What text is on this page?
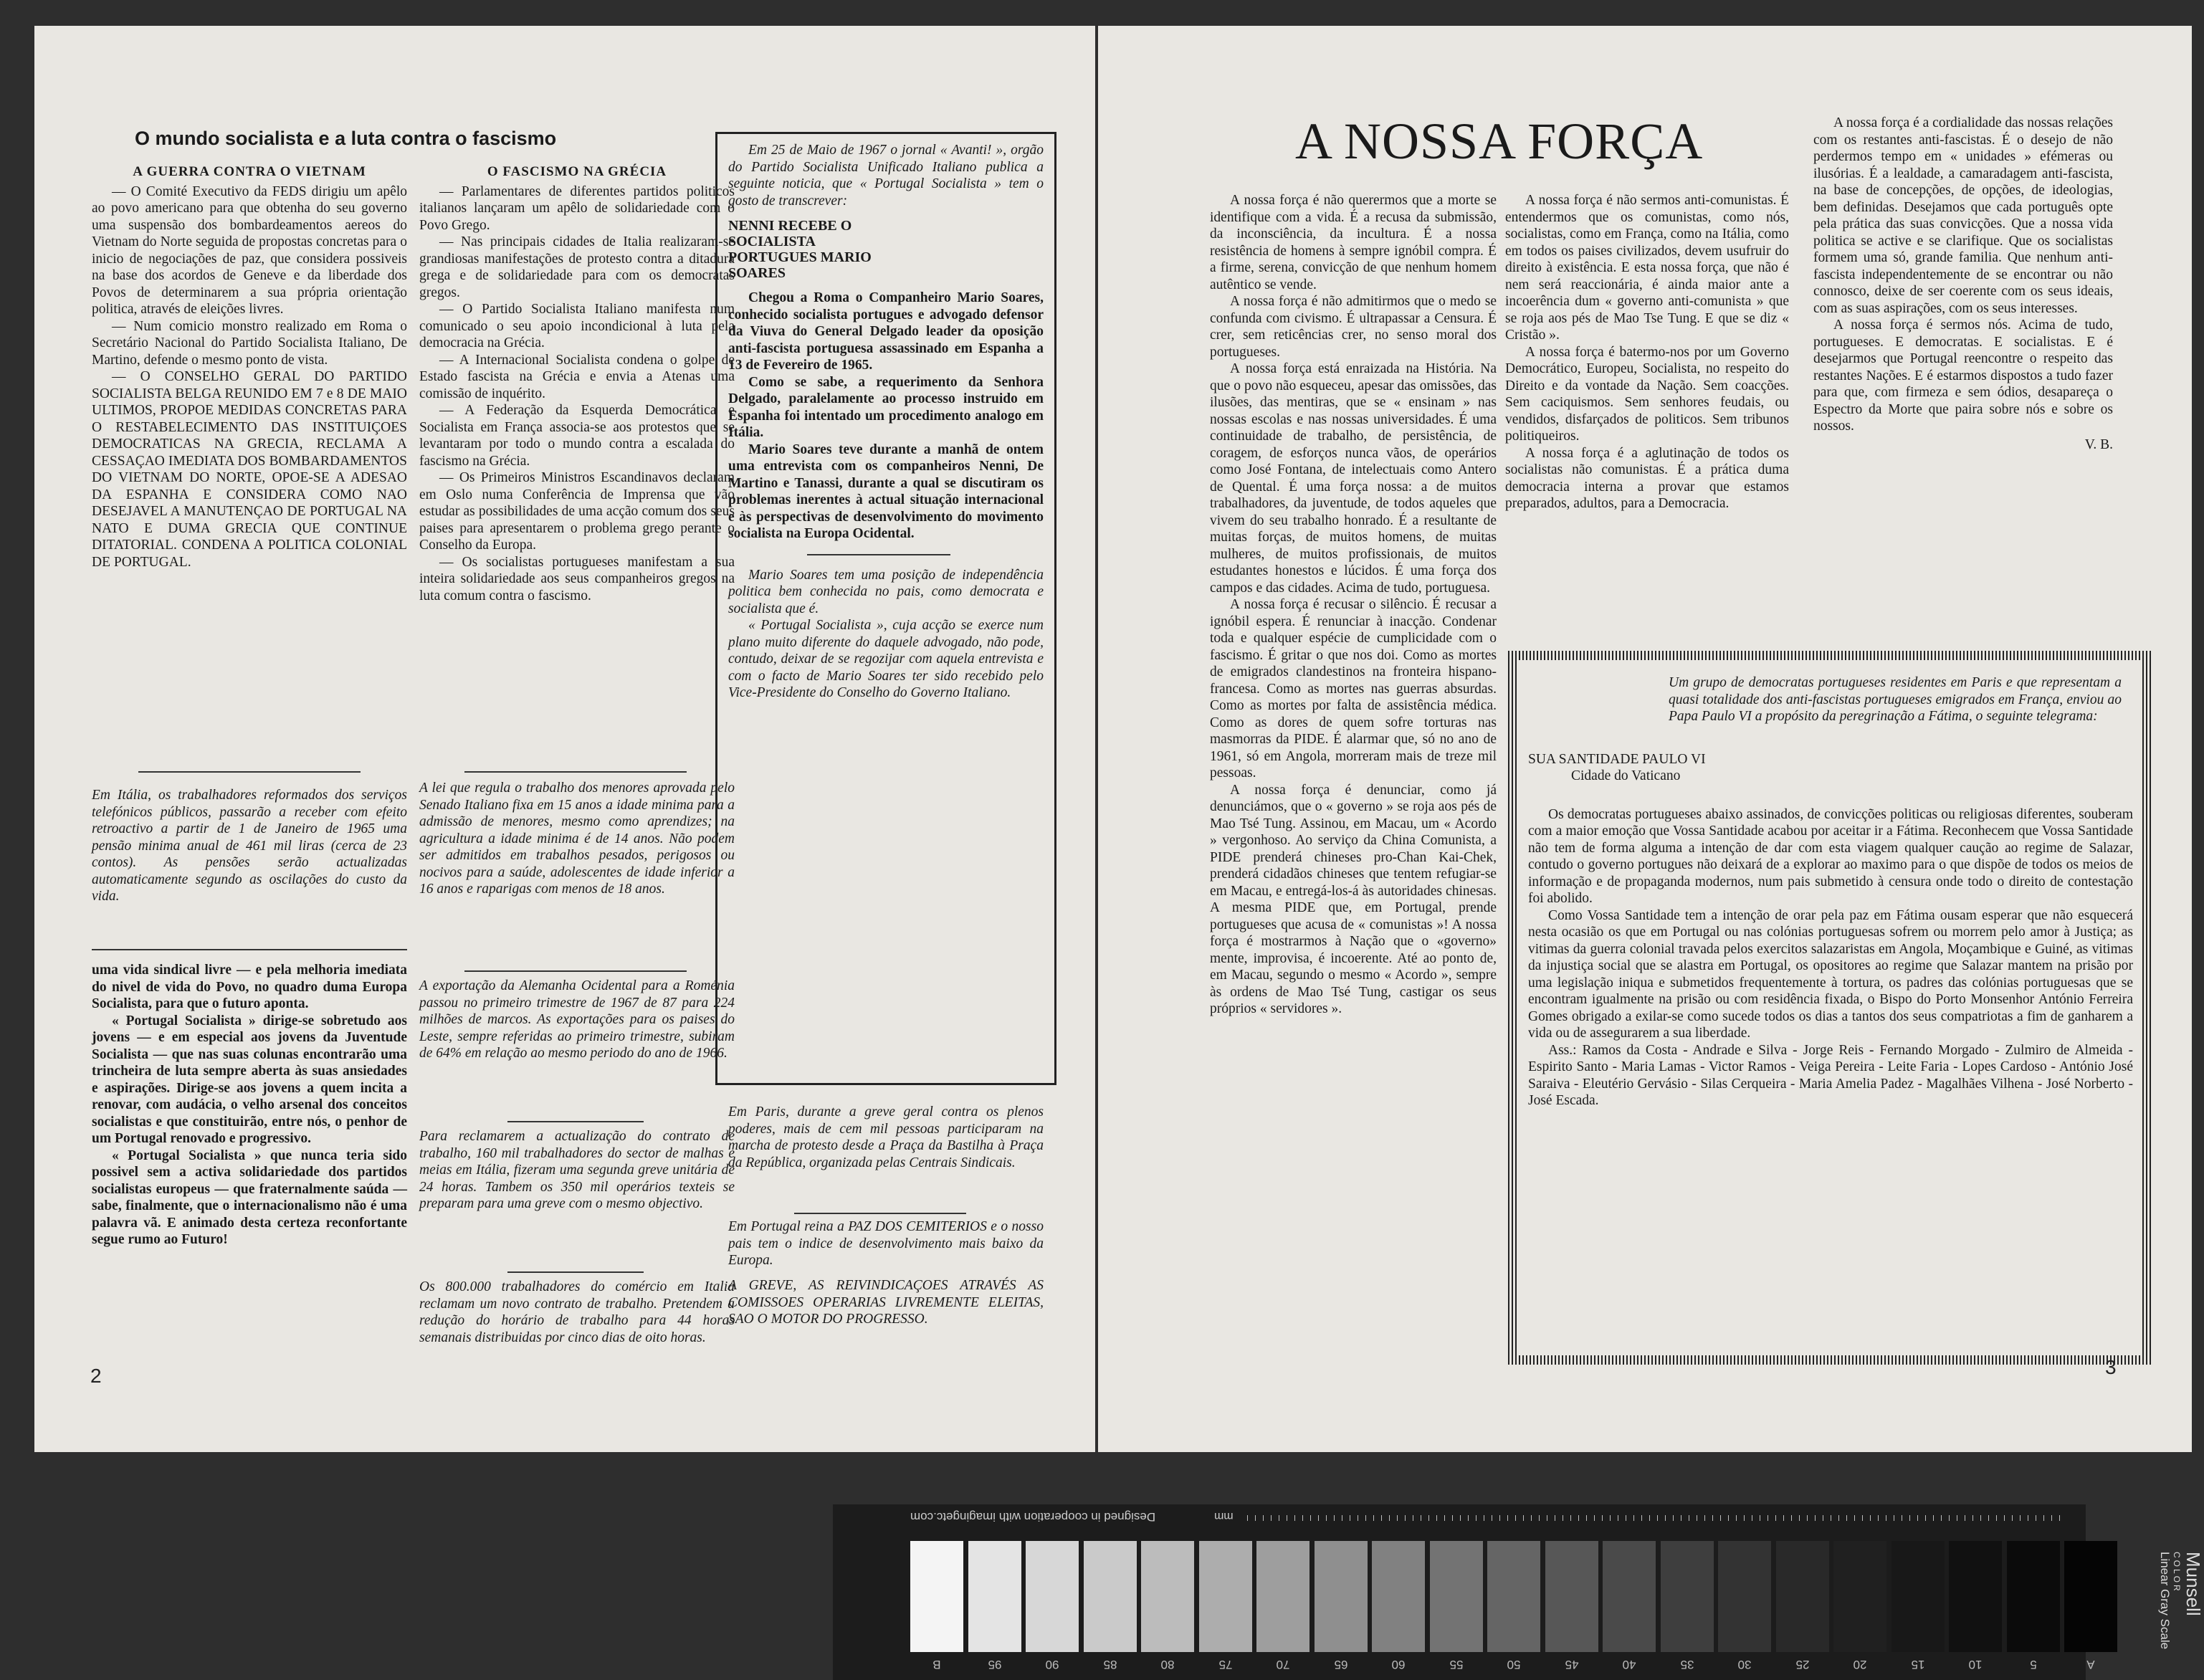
O mundo socialista e a luta contra o fascismo
A GUERRA CONTRA O VIETNAM

— O Comité Executivo da FEDS dirigiu um apêlo ao povo americano para que obtenha do seu governo uma suspensão dos bombardeamentos aereos do Vietnam do Norte seguida de propostas concretas para o inicio de negociações de paz, que considera possiveis na base dos acordos de Geneve e da liberdade dos Povos de determinarem a sua própria orientação politica, através de eleições livres.

— Num comicio monstro realizado em Roma o Secretário Nacional do Partido Socialista Italiano, De Martino, defende o mesmo ponto de vista.

— O CONSELHO GERAL DO PARTIDO SOCIALISTA BELGA REUNIDO EM 7 e 8 DE MAIO ULTIMOS, PROPOE MEDIDAS CONCRETAS PARA O RESTABELECIMENTO DAS INSTITUIÇOES DEMOCRATICAS NA GRECIA, RECLAMA A CESSAÇAO IMEDIATA DOS BOMBARDAMENTOS DO VIETNAM DO NORTE, OPOE-SE A ADESAO DA ESPANHA E CONSIDERA COMO NAO DESEJAVEL A MANUTENÇAO DE PORTUGAL NA NATO E DUMA GRECIA QUE CONTINUE DITATORIAL. CONDENA A POLITICA COLONIAL DE PORTUGAL.

Em Itália, os trabalhadores reformados dos serviços telefónicos públicos, passarão a receber com efeito retroactivo a partir de 1 de Janeiro de 1965 uma pensão minima anual de 461 mil liras (cerca de 23 contos). As pensões serão actualizadas automaticamente segundo as oscilações do custo da vida.

uma vida sindical livre — e pela melhoria imediata do nivel de vida do Povo, no quadro duma Europa Socialista, para que o futuro aponta.

« Portugal Socialista » dirige-se sobretudo aos jovens — e em especial aos jovens da Juventude Socialista — que nas suas colunas encontrarão uma trincheira de luta sempre aberta às suas ansiedades e aspirações. Dirige-se aos jovens a quem incita a renovar, com audácia, o velho arsenal dos conceitos socialistas e que constituirão, entre nós, o penhor de um Portugal renovado e progressivo.

« Portugal Socialista » que nunca teria sido possivel sem a activa solidariedade dos partidos socialistas europeus — que fraternalmente saúda — sabe, finalmente, que o internacionalismo não é uma palavra vã. E animado desta certeza reconfortante segue rumo ao Futuro!

O FASCISMO NA GRÉCIA

— Parlamentares de diferentes partidos politicos italianos lançaram um apêlo de solidariedade com o Povo Grego.

— Nas principais cidades de Italia realizaram-se grandiosas manifestações de protesto contra a ditadura grega e de solidariedade para com os democratas gregos.

— O Partido Socialista Italiano manifesta num comunicado o seu apoio incondicional à luta pela democracia na Grécia.

— A Internacional Socialista condena o golpe de Estado fascista na Grécia e envia a Atenas uma comissão de inquérito.

— A Federação da Esquerda Democrática e Socialista em França associa-se aos protestos que se levantaram por todo o mundo contra a escalada do fascismo na Grécia.

— Os Primeiros Ministros Escandinavos declaram em Oslo numa Conferência de Imprensa que vão estudar as possibilidades de uma acção comum dos seus paises para apresentarem o problema grego perante o Conselho da Europa.

— Os socialistas portugueses manifestam a sua inteira solidariedade aos seus companheiros gregos na luta comum contra o fascismo.

A lei que regula o trabalho dos menores aprovada pelo Senado Italiano fixa em 15 anos a idade minima para a admissão de menores, mesmo como aprendizes; na agricultura a idade minima é de 14 anos. Não podem ser admitidos em trabalhos pesados, perigosos ou nocivos para a saúde, adolescentes de idade inferior a 16 anos e raparigas com menos de 18 anos.
A exportação da Alemanha Ocidental para a Roménia passou no primeiro trimestre de 1967 de 87 para 224 milhões de marcos. As exportações para os paises do Leste, sempre referidas ao primeiro trimestre, subiram de 64% em relação ao mesmo periodo do ano de 1966.
Para reclamarem a actualização do contrato de trabalho, 160 mil trabalhadores do sector de malhas e meias em Itália, fizeram uma segunda greve unitária de 24 horas. Tambem os 350 mil operários texteis se preparam para uma greve com o mesmo objectivo.
Os 800.000 trabalhadores do comércio em Italia reclamam um novo contrato de trabalho. Pretendem a redução do horário de trabalho para 44 horas semanais distribuidas por cinco dias de oito horas.

Em 25 de Maio de 1967 o jornal « Avanti! », orgão do Partido Socialista Unificado Italiano publica a seguinte noticia, que « Portugal Socialista » tem o gosto de transcrever:

NENNI RECEBE O SOCIALISTA PORTUGUES MARIO SOARES

Chegou a Roma o Companheiro Mario Soares, conhecido socialista portugues e advogado defensor da Viuva do General Delgado leader da oposição anti-fascista portuguesa assassinado em Espanha a 13 de Fevereiro de 1965.

Como se sabe, a requerimento da Senhora Delgado, paralelamente ao processo instruido em Espanha foi intentado um procedimento analogo em Itália.

Mario Soares teve durante a manhã de ontem uma entrevista com os companheiros Nenni, De Martino e Tanassi, durante a qual se discutiram os problemas inerentes à actual situação internacional e às perspectivas de desenvolvimento do movimento socialista na Europa Ocidental.

Mario Soares tem uma posição de independência politica bem conhecida no pais, como democrata e socialista que é.

« Portugal Socialista », cuja acção se exerce num plano muito diferente do daquele advogado, não pode, contudo, deixar de se regozijar com aquela entrevista e com o facto de Mario Soares ter sido recebido pelo Vice-Presidente do Conselho do Governo Italiano.

Em Paris, durante a greve geral contra os plenos poderes, mais de cem mil pessoas participaram na marcha de protesto desde a Praça da Bastilha à Praça da República, organizada pelas Centrais Sindicais.
Em Portugal reina a PAZ DOS CEMITERIOS e o nosso pais tem o indice de desenvolvimento mais baixo da Europa.
A GREVE, AS REIVINDICAÇOES ATRAVÉS AS COMISSOES OPERARIAS LIVREMENTE ELEITAS, SAO O MOTOR DO PROGRESSO.
2
A NOSSA FORÇA

A nossa força é não querermos que a morte se identifique com a vida. É a recusa da submissão, da inconsciência, da incultura. É a nossa resistência de homens à sempre ignóbil compra. É a firme, serena, convicção de que nenhum homem autêntico se vende.

A nossa força é não admitirmos que o medo se confunda com civismo. É ultrapassar a Censura. É crer, sem reticências crer, no senso moral dos portugueses.

A nossa força está enraizada na História. Na que o povo não esqueceu, apesar das omissões, das ilusões, das mentiras, que se « ensinam » nas nossas escolas e nas nossas universidades. É uma continuidade de trabalho, de persistência, de coragem, de esforços nunca vãos, de operários como José Fontana, de intelectuais como Antero de Quental. É uma força nossa: a de muitos trabalhadores, da juventude, de todos aqueles que vivem do seu trabalho honrado. É a resultante de muitas forças, de muitos homens, de muitas mulheres, de muitos profissionais, de muitos estudantes honestos e lúcidos. É uma força dos campos e das cidades. Acima de tudo, portuguesa.

A nossa força é recusar o silêncio. É recusar a ignóbil espera. É renunciar à inacção. Condenar toda e qualquer espécie de cumplicidade com o fascismo. É gritar o que nos doi. Como as mortes de emigrados clandestinos na fronteira hispano-francesa. Como as mortes nas guerras absurdas. Como as mortes por falta de assistência médica. Como as dores de quem sofre torturas nas masmorras da PIDE. É alarmar que, só no ano de 1961, só em Angola, morreram mais de treze mil pessoas.

A nossa força é denunciar, como já denunciámos, que o « governo » se roja aos pés de Mao Tsé Tung. Assinou, em Macau, um « Acordo » vergonhoso. Ao serviço da China Comunista, a PIDE prenderá chineses pro-Chan Kai-Chek, prenderá cidadãos chineses que tentem refugiar-se em Macau, e entregá-los-á às autoridades chinesas. A mesma PIDE que, em Portugal, prende portugueses que acusa de « comunistas »! A nossa força é mostrarmos à Nação que o «governo» mente, improvisa, é incoerente. Até ao ponto de, em Macau, segundo o mesmo « Acordo », sempre às ordens de Mao Tsé Tung, castigar os seus próprios « servidores ».

A nossa força é não sermos anti-comunistas. É entendermos que os comunistas, como nós, socialistas, como em França, como na Itália, como em todos os paises civilizados, devem usufruir do direito à existência. E esta nossa força, que não é nem será reaccionária, é ainda maior ante a incoerência dum « governo anti-comunista » que se roja aos pés de Mao Tse Tung. E que se diz « Cristão ».

A nossa força é batermo-nos por um Governo Democrático, Europeu, Socialista, no respeito do Direito e da vontade da Nação. Sem coacções. Sem caciquismos. Sem senhores feudais, ou vendidos, disfarçados de politicos. Sem tribunos politiqueiros.

A nossa força é a aglutinação de todos os socialistas não comunistas. É a prática duma democracia interna a provar que estamos preparados, adultos, para a Democracia.

A nossa força é a cordialidade das nossas relações com os restantes anti-fascistas. É o desejo de não perdermos tempo em « unidades » efémeras ou ilusórias. É a lealdade, a camaradagem anti-fascista, na base de concepções, de opções, de ideologias, bem definidas. Desejamos que cada português opte pela prática das suas convicções. Que a nossa vida politica se active e se clarifique. Que os socialistas formem uma só, grande familia. Que nenhum anti-fascista independentemente de se encontrar ou não connosco, deixe de ser coerente com os seus ideais, com as suas aspirações, com os seus interesses.

A nossa força é sermos nós. Acima de tudo, portugueses. E democratas. E socialistas. E é desejarmos que Portugal reencontre o respeito das restantes Nações. E é estarmos dispostos a tudo fazer para que, com firmeza e sem ódios, desapareça o Espectro da Morte que paira sobre nós e sobre os nossos.

V. B.
Um grupo de democratas portugueses residentes em Paris e que representam a quasi totalidade dos anti-fascistas portugueses emigrados em França, enviou ao Papa Paulo VI a propósito da peregrinação a Fátima, o seguinte telegrama:
SUA SANTIDADE PAULO VI
Cidade do Vaticano

Os democratas portugueses abaixo assinados, de convicções politicas ou religiosas diferentes, souberam com a maior emoção que Vossa Santidade acabou por aceitar ir a Fátima. Reconhecem que Vossa Santidade não tem de forma alguma a intenção de dar com esta viagem qualquer caução ao regime de Salazar, contudo o governo portugues não deixará de a explorar ao maximo para o que dispõe de todos os meios de informação e de propaganda modernos, num pais submetido à censura onde todo o direito de contestação foi abolido.

Como Vossa Santidade tem a intenção de orar pela paz em Fátima ousam esperar que não esquecerá nesta ocasião os que em Portugal ou nas colónias portuguesas sofrem ou morrem pelo amor à Justiça; as vitimas da guerra colonial travada pelos exercitos salazaristas em Angola, Moçambique e Guiné, as vitimas da injustiça social que se alastra em Portugal, os opositores ao regime que Salazar mantem na prisão por uma legislação iniqua e submetidos frequentemente à tortura, os padres das colónias portuguesas que se encontram igualmente na prisão ou com residência fixada, o Bispo do Porto Monsenhor António Ferreira Gomes obrigado a exilar-se como sucede todos os dias a tantos dos seus compatriotas a fim de ganharem a vida ou de assegurarem a sua liberdade.

Ass.: Ramos da Costa - Andrade e Silva - Jorge Reis - Fernando Morgado - Zulmiro de Almeida - Espirito Santo - Maria Lamas - Victor Ramos - Veiga Pereira - Leite Faria - Lopes Cardoso - António José Saraiva - Eleutério Gervásio - Silas Cerqueira - Maria Amelia Padez - Magalhães Vilhena - José Norberto - José Escada.

3
Designed in cooperation with imagingetc.com	mm
B	95	90	85	80	75	70	65	60	55	50	45	40	35	30	25	20	15	10	5	A
Munsell
COLOR
Linear Gray Scale
